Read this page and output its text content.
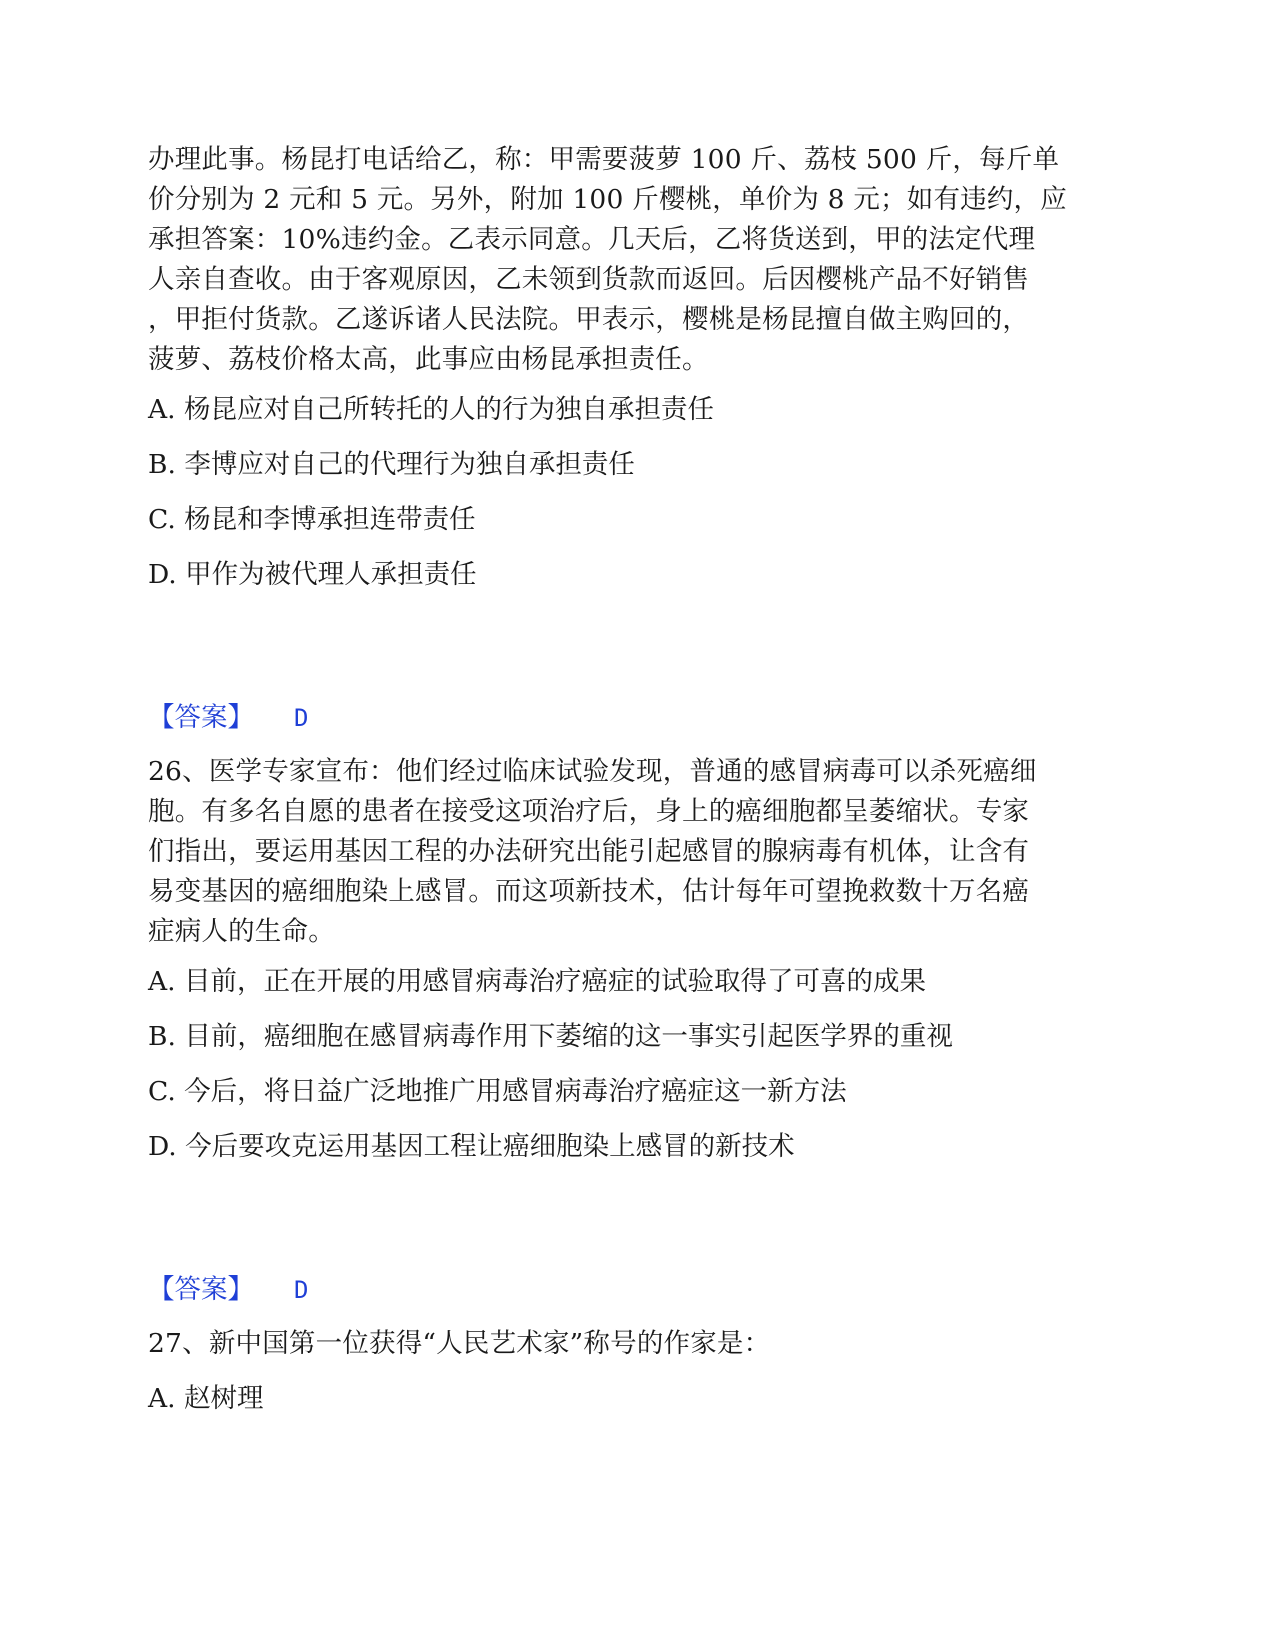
办理此事。杨昆打电话给乙，称：甲需要菠萝 100 斤、荔枝 500 斤，每斤单
价分别为 2 元和 5 元。另外，附加 100 斤樱桃，单价为 8 元；如有违约，应
承担答案：10%违约金。乙表示同意。几天后，乙将货送到，甲的法定代理
人亲自查收。由于客观原因，乙未领到货款而返回。后因樱桃产品不好销售
，甲拒付货款。乙遂诉诸人民法院。甲表示，樱桃是杨昆擅自做主购回的，
菠萝、荔枝价格太高，此事应由杨昆承担责任。

A. 杨昆应对自己所转托的人的行为独自承担责任

B. 李博应对自己的代理行为独自承担责任

C. 杨昆和李博承担连带责任

D. 甲作为被代理人承担责任

【答案】 D

26、医学专家宣布：他们经过临床试验发现，普通的感冒病毒可以杀死癌细
胞。有多名自愿的患者在接受这项治疗后，身上的癌细胞都呈萎缩状。专家
们指出，要运用基因工程的办法研究出能引起感冒的腺病毒有机体，让含有
易变基因的癌细胞染上感冒。而这项新技术，估计每年可望挽救数十万名癌
症病人的生命。

A. 目前，正在开展的用感冒病毒治疗癌症的试验取得了可喜的成果

B. 目前，癌细胞在感冒病毒作用下萎缩的这一事实引起医学界的重视

C. 今后，将日益广泛地推广用感冒病毒治疗癌症这一新方法

D. 今后要攻克运用基因工程让癌细胞染上感冒的新技术

【答案】 D

27、新中国第一位获得“人民艺术家”称号的作家是：

A. 赵树理
